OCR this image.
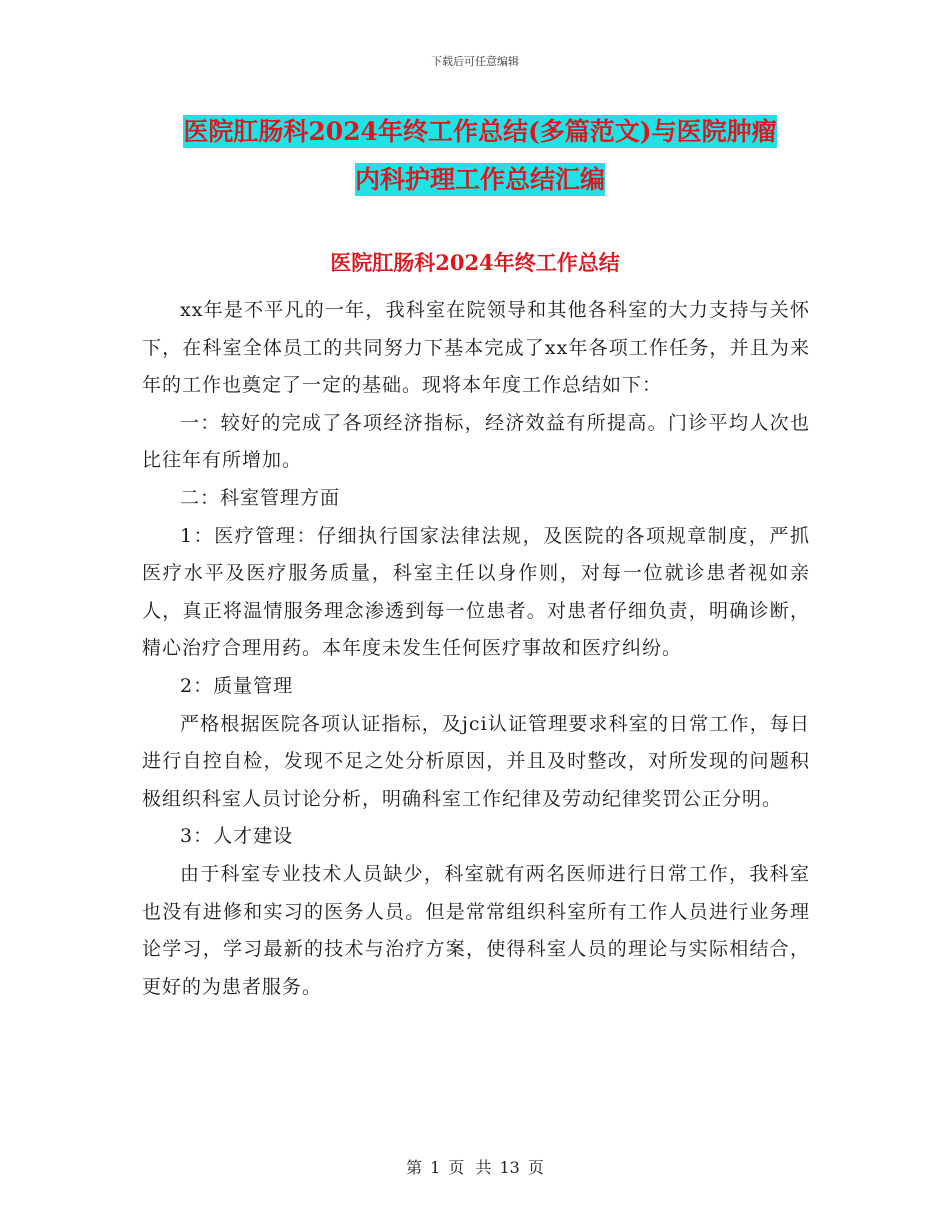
下载后可任意编辑
医院肛肠科2024年终工作总结(多篇范文)与医院肿瘤
内科护理工作总结汇编
医院肛肠科2024年终工作总结

xx年是不平凡的一年，我科室在院领导和其他各科室的大力支持与关怀下，在科室全体员工的共同努力下基本完成了xx年各项工作任务，并且为来年的工作也奠定了一定的基础。现将本年度工作总结如下：

一：较好的完成了各项经济指标，经济效益有所提高。门诊平均人次也比往年有所增加。

二：科室管理方面

1：医疗管理：仔细执行国家法律法规，及医院的各项规章制度，严抓医疗水平及医疗服务质量，科室主任以身作则，对每一位就诊患者视如亲人，真正将温情服务理念渗透到每一位患者。对患者仔细负责，明确诊断，精心治疗合理用药。本年度未发生任何医疗事故和医疗纠纷。

2：质量管理

严格根据医院各项认证指标，及jci认证管理要求科室的日常工作，每日进行自控自检，发现不足之处分析原因，并且及时整改，对所发现的问题积极组织科室人员讨论分析，明确科室工作纪律及劳动纪律奖罚公正分明。

3：人才建设

由于科室专业技术人员缺少，科室就有两名医师进行日常工作，我科室也没有进修和实习的医务人员。但是常常组织科室所有工作人员进行业务理论学习，学习最新的技术与治疗方案，使得科室人员的理论与实际相结合，更好的为患者服务。

第 1 页 共 13 页
